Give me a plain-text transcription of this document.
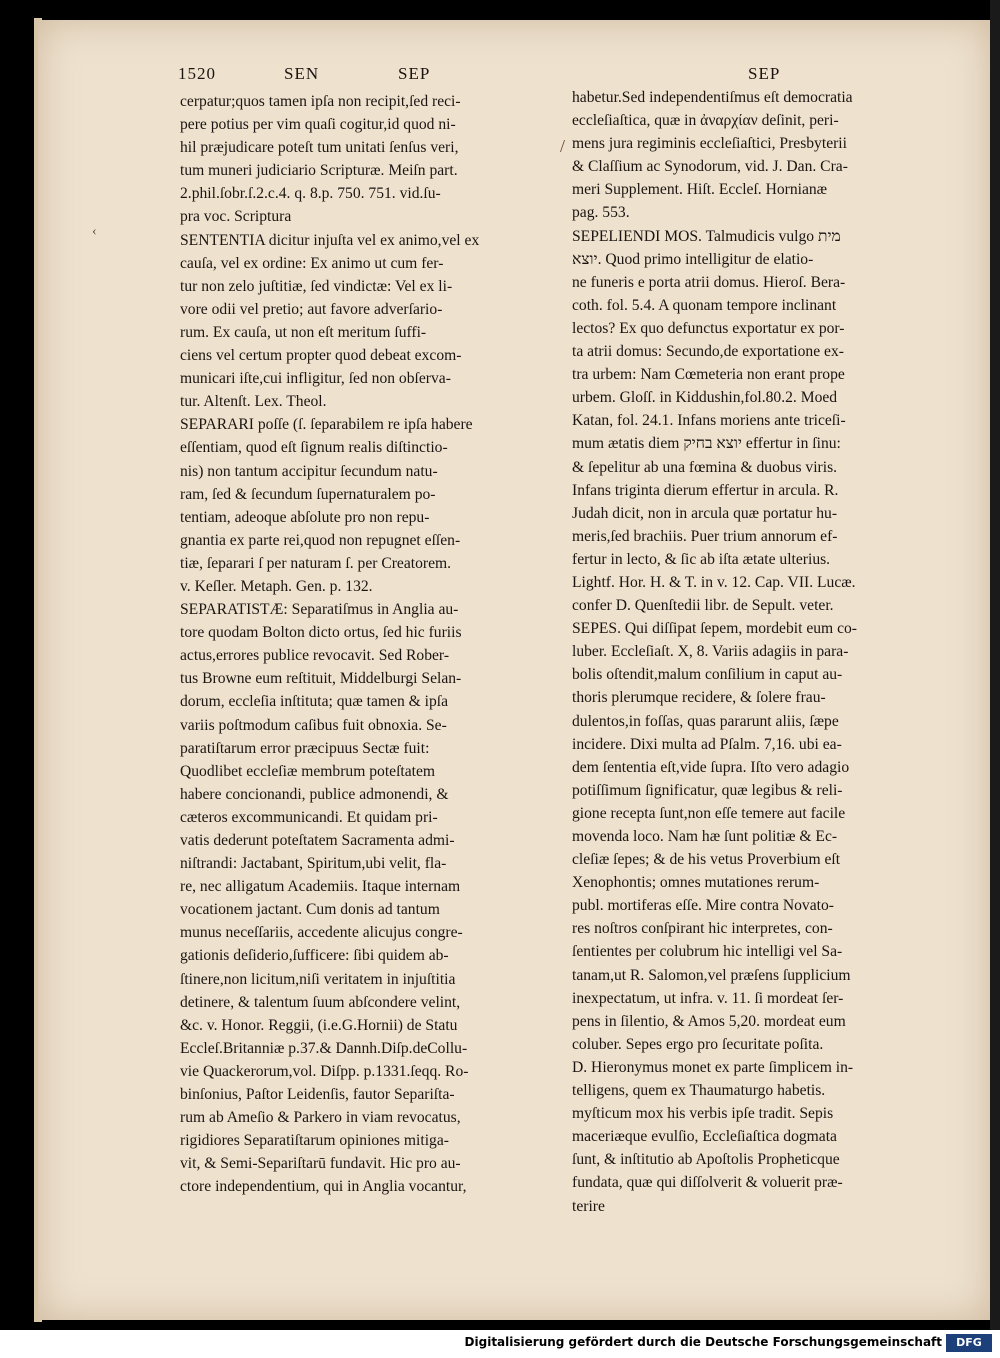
1520	SEN	SEP	SEP
cerpatur;quos tamen ipſa non recipit,ſed reci-
pere potius per vim quaſi cogitur,id quod ni-
hil præjudicare poteſt tum unitati ſenſus veri,
tum muneri judiciario Scripturæ. Meiſn part.
2.phil.ſobr.ſ.2.c.4. q. 8.p. 750. 751. vid.ſu-
pra voc. Scriptura
SENTENTIA dicitur injuſta vel ex animo,vel ex
cauſa, vel ex ordine: Ex animo ut cum fer-
tur non zelo juſtitiæ, ſed vindictæ: Vel ex li-
vore odii vel pretio; aut favore adverſario-
rum. Ex cauſa, ut non eſt meritum ſuffi-
ciens vel certum propter quod debeat excom-
municari iſte,cui infligitur, ſed non obſerva-
tur. Altenſt. Lex. Theol.
SEPARARI poſſe (ſ. ſeparabilem re ipſa habere
eſſentiam, quod eſt ſignum realis diſtinctio-
nis) non tantum accipitur ſecundum natu-
ram, ſed & ſecundum ſupernaturalem po-
tentiam, adeoque abſolute pro non repu-
gnantia ex parte rei,quod non repugnet eſſen-
tiæ, ſeparari ſ per naturam ſ. per Creatorem.
v. Keſler. Metaph. Gen. p. 132.
SEPARATISTÆ: Separatiſmus in Anglia au-
tore quodam Bolton dicto ortus, ſed hic furiis
actus,errores publice revocavit. Sed Rober-
tus Browne eum reſtituit, Middelburgi Selan-
dorum, eccleſia inſtituta; quæ tamen & ipſa
variis poſtmodum caſibus fuit obnoxia. Se-
paratiſtarum error præcipuus Sectæ fuit:
Quodlibet eccleſiæ membrum poteſtatem
habere concionandi, publice admonendi, &
cæteros excommunicandi. Et quidam pri-
vatis dederunt poteſtatem Sacramenta admi-
niſtrandi: Jactabant, Spiritum,ubi velit, fla-
re, nec alligatum Academiis. Itaque internam
vocationem jactant. Cum donis ad tantum
munus neceſſariis, accedente alicujus congre-
gationis deſiderio,ſufficere: ſibi quidem ab-
ſtinere,non licitum,niſi veritatem in injuſtitia
detinere, & talentum ſuum abſcondere velint,
&c. v. Honor. Reggii, (i.e.G.Hornii) de Statu
Eccleſ.Britanniæ p.37.& Dannh.Diſp.deCollu-
vie Quackerorum,vol. Diſpp. p.1331.ſeqq. Ro-
binſonius, Paſtor Leidenſis, fautor Separiſta-
rum ab Ameſio & Parkero in viam revocatus,
rigidiores Separatiſtarum opiniones mitiga-
vit, & Semi-Separiſtarū fundavit. Hic pro au-
ctore independentium, qui in Anglia vocantur,
habetur.Sed independentiſmus eſt democratia
eccleſiaſtica, quæ in ἀναρχίαν deſinit, peri-
mens jura regiminis eccleſiaſtici, Presbyterii
& Claſſium ac Synodorum, vid. J. Dan. Cra-
meri Supplement. Hiſt. Eccleſ. Hornianæ
pag. 553.
SEPELIENDI MOS. Talmudicis vulgo מית
יוצא. Quod primo intelligitur de elatio-
ne funeris e porta atrii domus. Hieroſ. Bera-
coth. fol. 5.4. A quonam tempore inclinant
lectos? Ex quo defunctus exportatur ex por-
ta atrii domus: Secundo,de exportatione ex-
tra urbem: Nam Cœmeteria non erant prope
urbem. Gloſſ. in Kiddushin,fol.80.2. Moed
Katan, fol. 24.1. Infans moriens ante triceſi-
mum ætatis diem יוצא בחיק effertur in ſinu:
& ſepelitur ab una fœmina & duobus viris.
Infans triginta dierum effertur in arcula. R.
Judah dicit, non in arcula quæ portatur hu-
meris,ſed brachiis. Puer trium annorum ef-
fertur in lecto, & ſic ab iſta ætate ulterius.
Lightf. Hor. H. & T. in v. 12. Cap. VII. Lucæ.
confer D. Quenſtedii libr. de Sepult. veter.
SEPES. Qui diſſipat ſepem, mordebit eum co-
luber. Eccleſiaſt. X, 8. Variis adagiis in para-
bolis oſtendit,malum conſilium in caput au-
thoris plerumque recidere, & ſolere frau-
dulentos,in foſſas, quas pararunt aliis, ſæpe
incidere. Dixi multa ad Pſalm. 7,16. ubi ea-
dem ſententia eſt,vide ſupra. Iſto vero adagio
potiſſimum ſignificatur, quæ legibus & reli-
gione recepta ſunt,non eſſe temere aut facile
movenda loco. Nam hæ ſunt politiæ & Ec-
cleſiæ ſepes; & de his vetus Proverbium eſt
Xenophontis; omnes mutationes rerum-
publ. mortiferas eſſe. Mire contra Novato-
res noſtros conſpirant hic interpretes, con-
ſentientes per colubrum hic intelligi vel Sa-
tanam,ut R. Salomon,vel præſens ſupplicium
inexpectatum, ut infra. v. 11. ſi mordeat ſer-
pens in ſilentio, & Amos 5,20. mordeat eum
coluber. Sepes ergo pro ſecuritate poſita.
D. Hieronymus monet ex parte ſimplicem in-
telligens, quem ex Thaumaturgo habetis.
myſticum mox his verbis ipſe tradit. Sepis
maceriæque evulſio, Eccleſiaſtica dogmata
ſunt, & inſtitutio ab Apoſtolis Propheticque
fundata, quæ qui diſſolverit & voluerit præ-
terire
‹
/
Digitalisierung gefördert durch die Deutsche Forschungsgemeinschaft	DFG
